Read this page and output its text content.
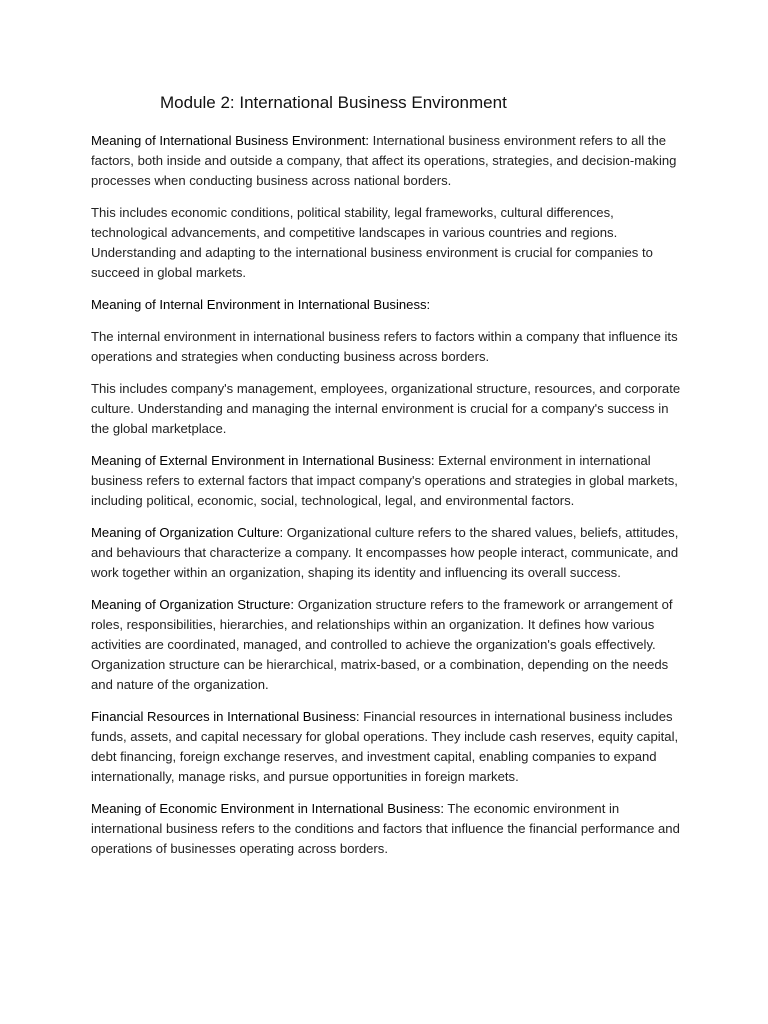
Module 2: International Business Environment

Meaning of International Business Environment: International business environment refers to all the factors, both inside and outside a company, that affect its operations, strategies, and decision-making processes when conducting business across national borders.

This includes economic conditions, political stability, legal frameworks, cultural differences, technological advancements, and competitive landscapes in various countries and regions. Understanding and adapting to the international business environment is crucial for companies to succeed in global markets.

Meaning of Internal Environment in International Business:

The internal environment in international business refers to factors within a company that influence its operations and strategies when conducting business across borders.

This includes company's management, employees, organizational structure, resources, and corporate culture. Understanding and managing the internal environment is crucial for a company's success in the global marketplace.

Meaning of External Environment in International Business: External environment in international business refers to external factors that impact company's operations and strategies in global markets, including political, economic, social, technological, legal, and environmental factors.

Meaning of Organization Culture: Organizational culture refers to the shared values, beliefs, attitudes, and behaviours that characterize a company. It encompasses how people interact, communicate, and work together within an organization, shaping its identity and influencing its overall success.

Meaning of Organization Structure: Organization structure refers to the framework or arrangement of roles, responsibilities, hierarchies, and relationships within an organization. It defines how various activities are coordinated, managed, and controlled to achieve the organization's goals effectively. Organization structure can be hierarchical, matrix-based, or a combination, depending on the needs and nature of the organization.

Financial Resources in International Business: Financial resources in international business includes funds, assets, and capital necessary for global operations. They include cash reserves, equity capital, debt financing, foreign exchange reserves, and investment capital, enabling companies to expand internationally, manage risks, and pursue opportunities in foreign markets.

Meaning of Economic Environment in International Business: The economic environment in international business refers to the conditions and factors that influence the financial performance and operations of businesses operating across borders.
